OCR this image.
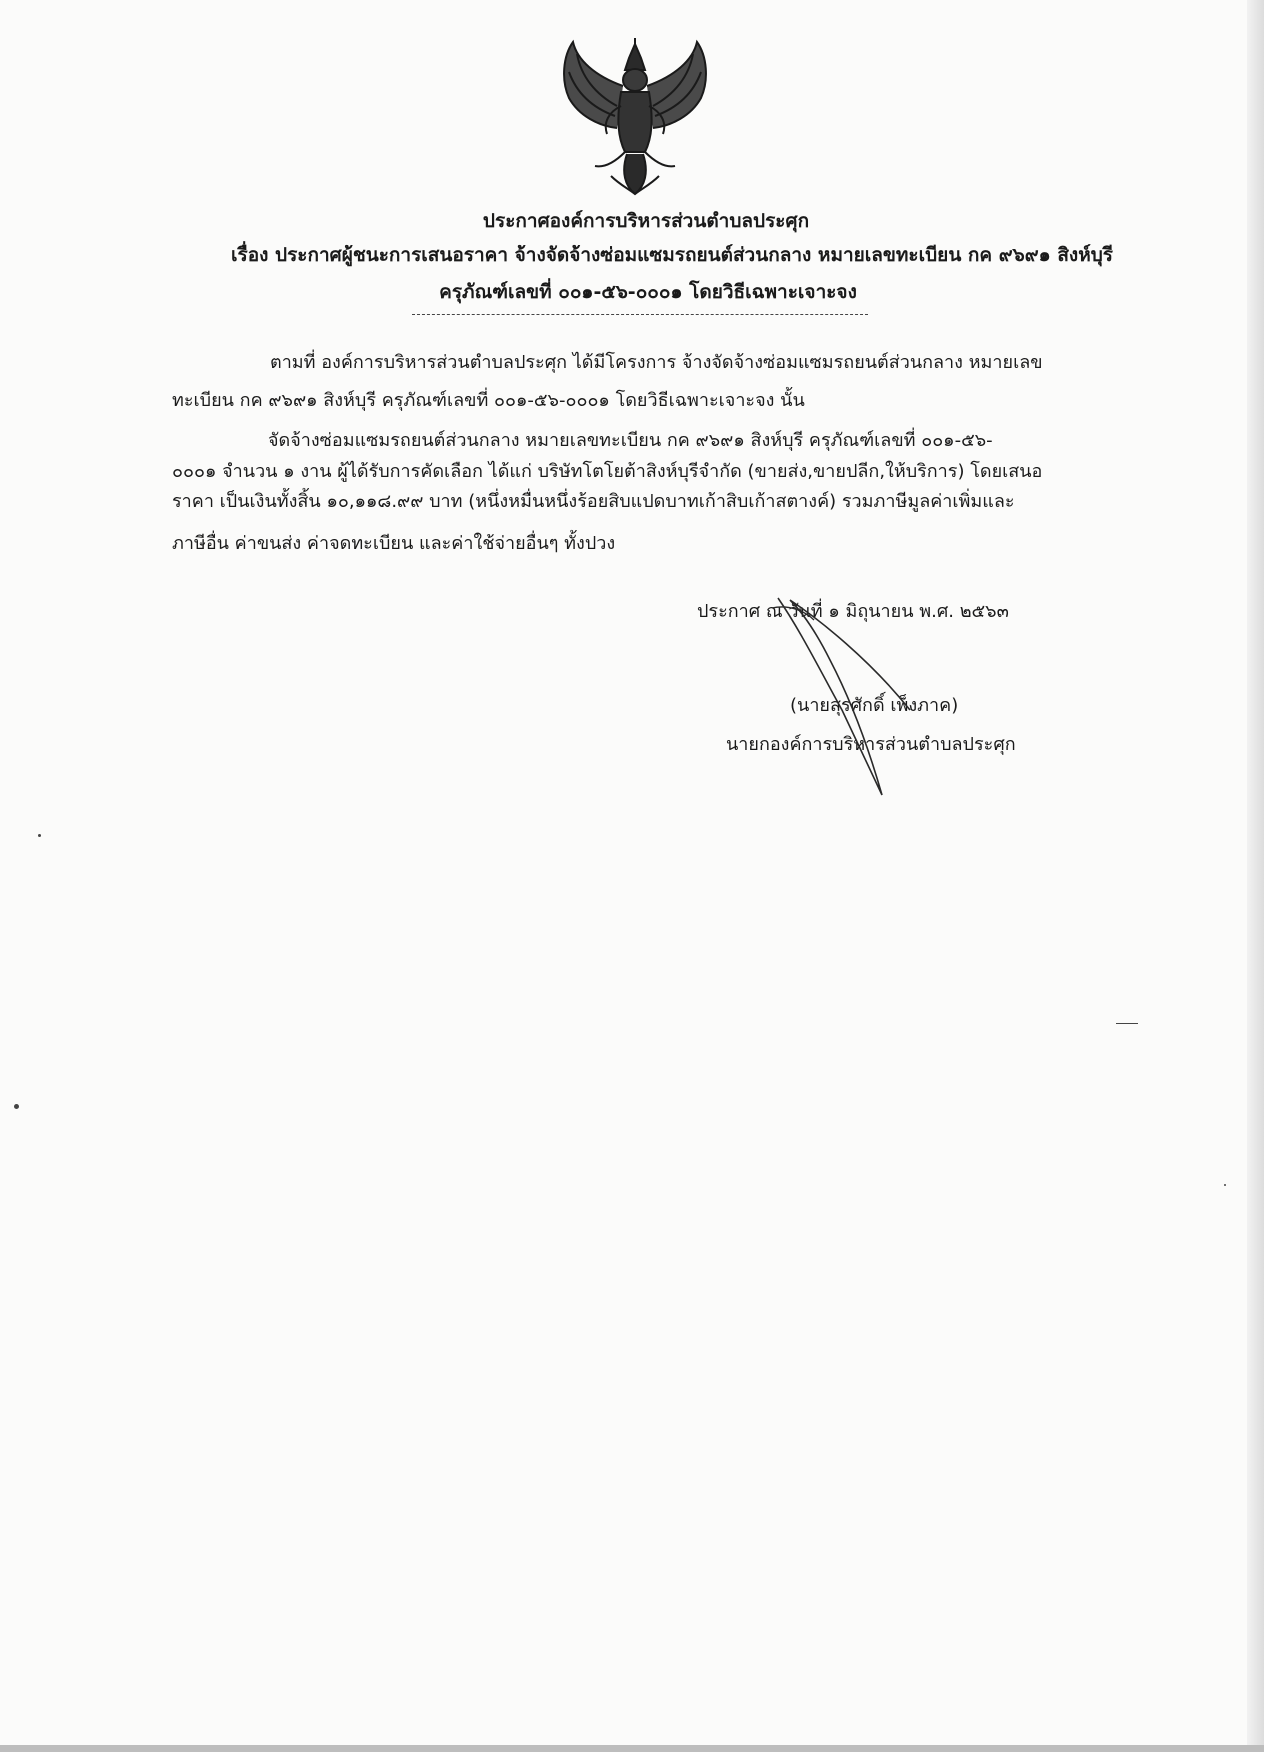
ประกาศองค์การบริหารส่วนตำบลประศุก
เรื่อง ประกาศผู้ชนะการเสนอราคา จ้างจัดจ้างซ่อมแซมรถยนต์ส่วนกลาง หมายเลขทะเบียน กค ๙๖๙๑ สิงห์บุรี
ครุภัณฑ์เลขที่ ๐๐๑-๕๖-๐๐๐๑ โดยวิธีเฉพาะเจาะจง
ตามที่ องค์การบริหารส่วนตำบลประศุก ได้มีโครงการ จ้างจัดจ้างซ่อมแซมรถยนต์ส่วนกลาง หมายเลข
ทะเบียน กค ๙๖๙๑ สิงห์บุรี ครุภัณฑ์เลขที่ ๐๐๑-๕๖-๐๐๐๑ โดยวิธีเฉพาะเจาะจง นั้น
จัดจ้างซ่อมแซมรถยนต์ส่วนกลาง หมายเลขทะเบียน กค ๙๖๙๑ สิงห์บุรี ครุภัณฑ์เลขที่ ๐๐๑-๕๖-
๐๐๐๑ จำนวน ๑ งาน ผู้ได้รับการคัดเลือก ได้แก่ บริษัทโตโยต้าสิงห์บุรีจำกัด (ขายส่ง,ขายปลีก,ให้บริการ) โดยเสนอ
ราคา เป็นเงินทั้งสิ้น ๑๐,๑๑๘.๙๙ บาท (หนึ่งหมื่นหนึ่งร้อยสิบแปดบาทเก้าสิบเก้าสตางค์) รวมภาษีมูลค่าเพิ่มและ
ภาษีอื่น ค่าขนส่ง ค่าจดทะเบียน และค่าใช้จ่ายอื่นๆ ทั้งปวง
ประกาศ ณ วันที่ ๑ มิถุนายน พ.ศ. ๒๕๖๓
(นายสุรศักดิ์ เพ็งภาค)
นายกองค์การบริหารส่วนตำบลประศุก
